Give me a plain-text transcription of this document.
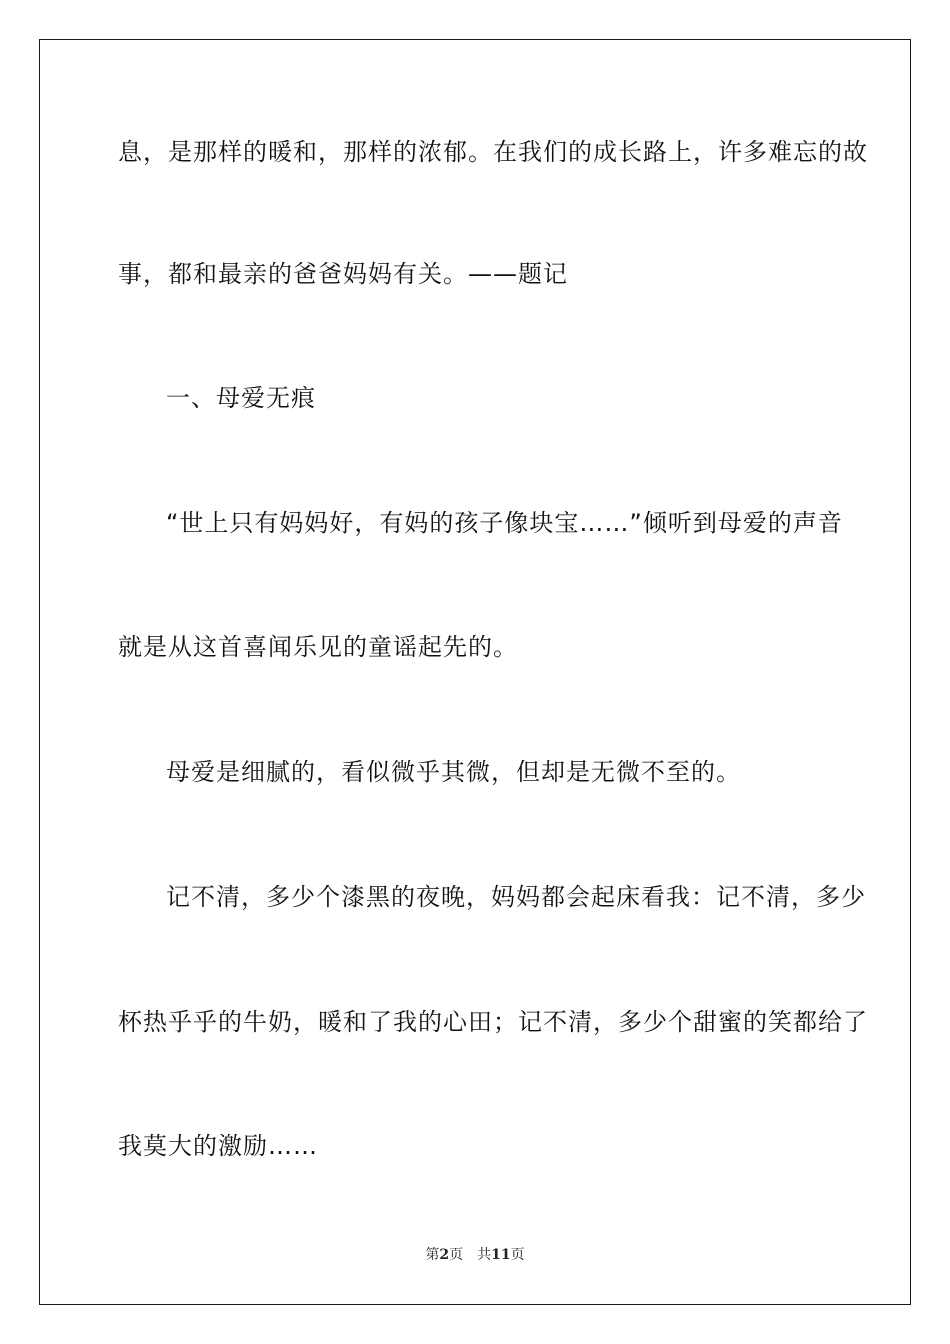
息，是那样的暖和，那样的浓郁。在我们的成长路上，许多难忘的故
事，都和最亲的爸爸妈妈有关。——题记
一、母爱无痕
“世上只有妈妈好，有妈的孩子像块宝……”倾听到母爱的声音
就是从这首喜闻乐见的童谣起先的。
母爱是细腻的，看似微乎其微，但却是无微不至的。
记不清，多少个漆黑的夜晚，妈妈都会起床看我：记不清，多少
杯热乎乎的牛奶，暖和了我的心田；记不清，多少个甜蜜的笑都给了
我莫大的激励……
第2页 共11页
